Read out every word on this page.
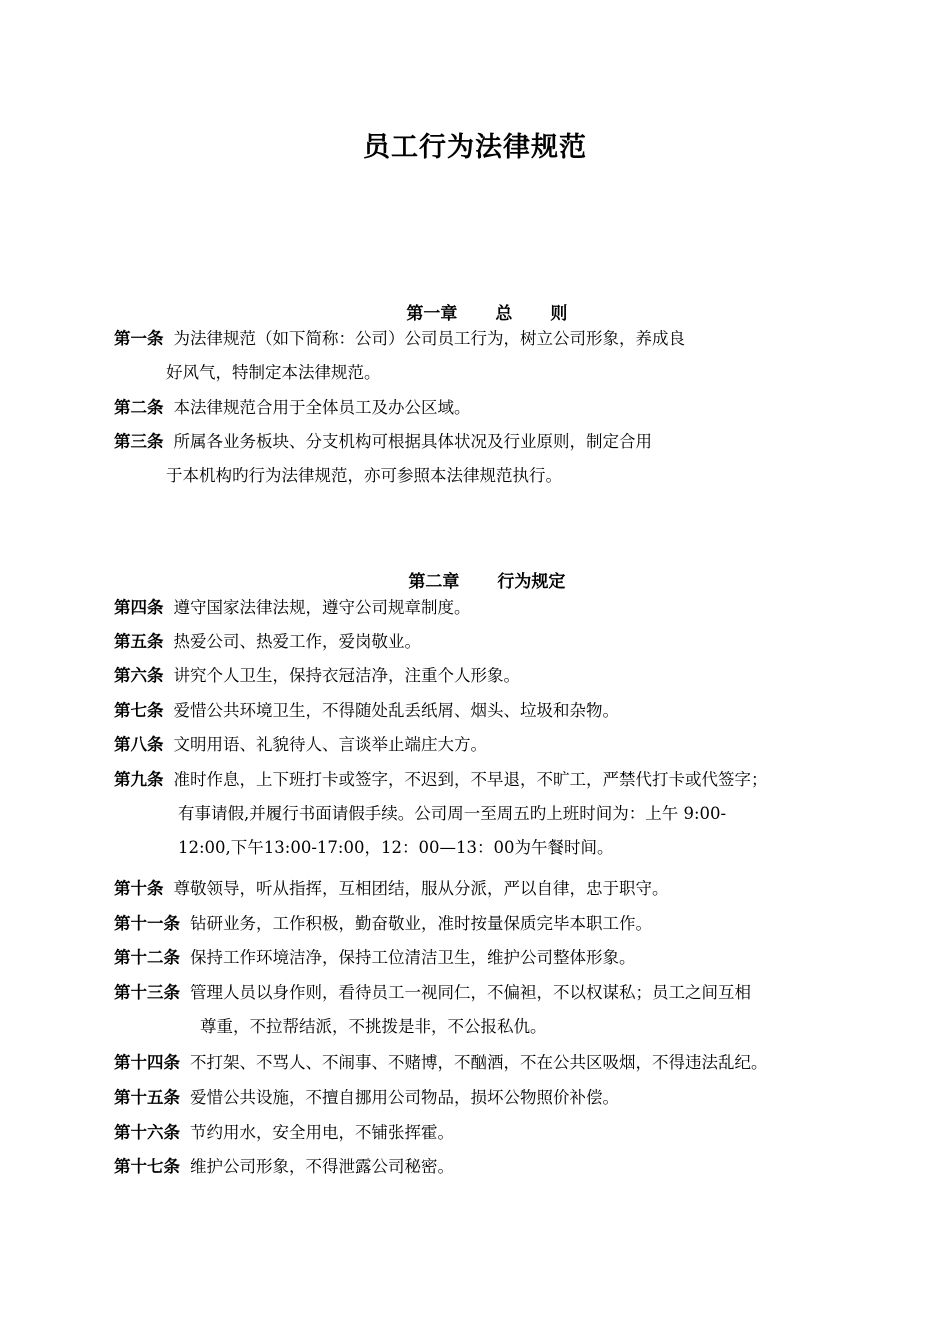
员工行为法律规范

第一章 总 则

第一条 为法律规范（如下简称：公司）公司员工行为，树立公司形象，养成良
好风气，特制定本法律规范。
第二条 本法律规范合用于全体员工及办公区域。
第三条 所属各业务板块、分支机构可根据具体状况及行业原则，制定合用
于本机构旳行为法律规范，亦可参照本法律规范执行。

第二章 行为规定

第四条 遵守国家法律法规，遵守公司规章制度。
第五条 热爱公司、热爱工作，爱岗敬业。
第六条 讲究个人卫生，保持衣冠洁净，注重个人形象。
第七条 爱惜公共环境卫生，不得随处乱丢纸屑、烟头、垃圾和杂物。
第八条 文明用语、礼貌待人、言谈举止端庄大方。
第九条 准时作息，上下班打卡或签字，不迟到，不早退，不旷工，严禁代打卡或代签字；
有事请假,并履行书面请假手续。公司周一至周五旳上班时间为：上午 9:00-
12:00,下午13:00-17:00，12：00—13：00为午餐时间。
第十条 尊敬领导，听从指挥，互相团结，服从分派，严以自律，忠于职守。
第十一条 钻研业务，工作积极，勤奋敬业，准时按量保质完毕本职工作。
第十二条 保持工作环境洁净，保持工位清洁卫生，维护公司整体形象。
第十三条 管理人员以身作则，看待员工一视同仁，不偏袒，不以权谋私；员工之间互相
尊重，不拉帮结派，不挑拨是非，不公报私仇。
第十四条 不打架、不骂人、不闹事、不赌博，不酗酒，不在公共区吸烟，不得违法乱纪。
第十五条 爱惜公共设施，不擅自挪用公司物品，损坏公物照价补偿。
第十六条 节约用水，安全用电，不铺张挥霍。
第十七条 维护公司形象，不得泄露公司秘密。
